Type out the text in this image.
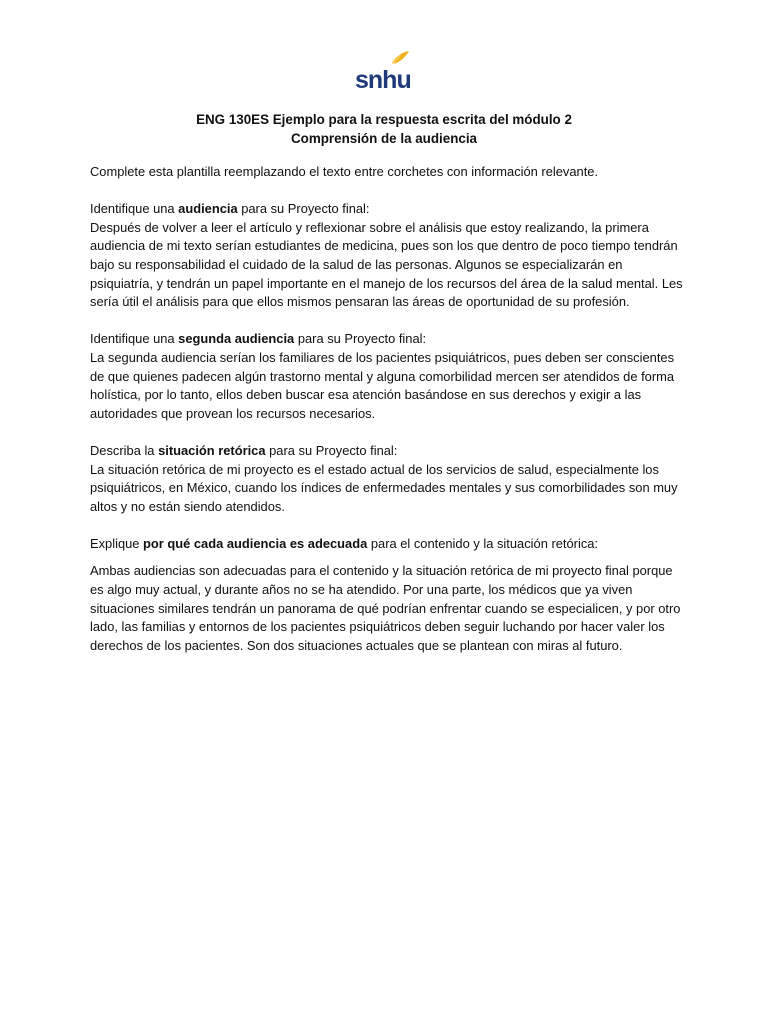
snhu
ENG 130ES Ejemplo para la respuesta escrita del módulo 2
Comprensión de la audiencia

Complete esta plantilla reemplazando el texto entre corchetes con información relevante.

Identifique una audiencia para su Proyecto final:

Después de volver a leer el artículo y reflexionar sobre el análisis que estoy realizando, la primera audiencia de mi texto serían estudiantes de medicina, pues son los que dentro de poco tiempo tendrán bajo su responsabilidad el cuidado de la salud de las personas. Algunos se especializarán en psiquiatría, y tendrán un papel importante en el manejo de los recursos del área de la salud mental. Les sería útil el análisis para que ellos mismos pensaran las áreas de oportunidad de su profesión.

Identifique una segunda audiencia para su Proyecto final:

La segunda audiencia serían los familiares de los pacientes psiquiátricos, pues deben ser conscientes de que quienes padecen algún trastorno mental y alguna comorbilidad mercen ser atendidos de forma holística, por lo tanto, ellos deben buscar esa atención basándose en sus derechos y exigir a las autoridades que provean los recursos necesarios.

Describa la situación retórica para su Proyecto final:

La situación retórica de mi proyecto es el estado actual de los servicios de salud, especialmente los psiquiátricos, en México, cuando los índices de enfermedades mentales y sus comorbilidades son muy altos y no están siendo atendidos.

Explique por qué cada audiencia es adecuada para el contenido y la situación retórica:

Ambas audiencias son adecuadas para el contenido y la situación retórica de mi proyecto final porque es algo muy actual, y durante años no se ha atendido. Por una parte, los médicos que ya viven situaciones similares tendrán un panorama de qué podrían enfrentar cuando se especialicen, y por otro lado, las familias y entornos de los pacientes psiquiátricos deben seguir luchando por hacer valer los derechos de los pacientes. Son dos situaciones actuales que se plantean con miras al futuro.
